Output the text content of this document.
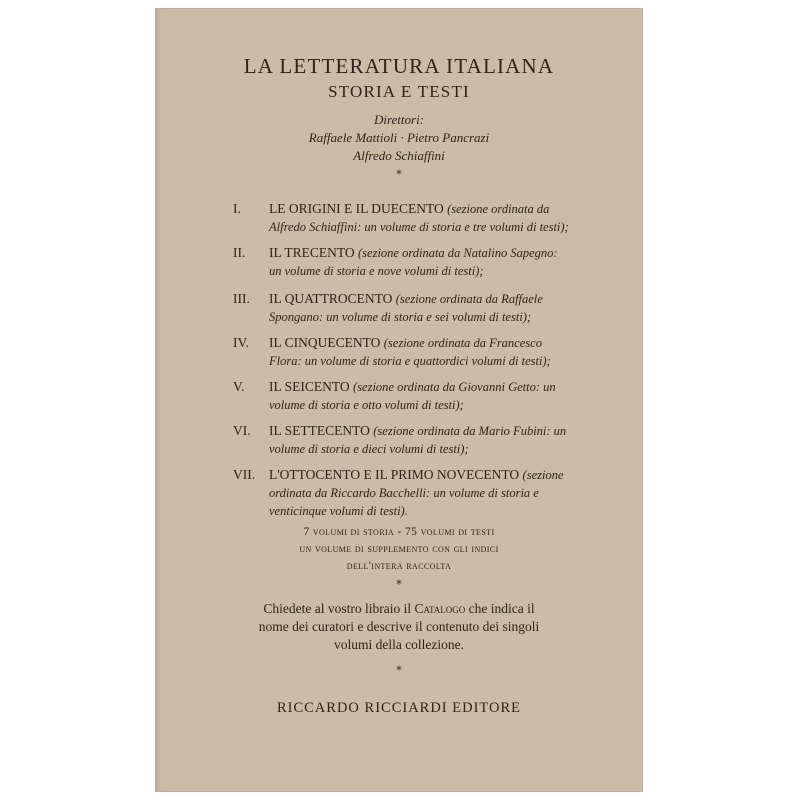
LA LETTERATURA ITALIANA
STORIA E TESTI
Direttori:
Raffaele Mattioli · Pietro Pancrazi
Alfredo Schiaffini
*
I.	LE ORIGINI E IL DUECENTO (sezione ordinata da Alfredo Schiaffini: un volume di storia e tre volumi di testi);
II.	IL TRECENTO (sezione ordinata da Natalino Sapegno: un volume di storia e nove volumi di testi);
III.	IL QUATTROCENTO (sezione ordinata da Raffaele Spongano: un volume di storia e sei volumi di testi);
IV.	IL CINQUECENTO (sezione ordinata da Francesco Flora: un volume di storia e quattordici volumi di testi);
V.	IL SEICENTO (sezione ordinata da Giovanni Getto: un volume di storia e otto volumi di testi);
VI.	IL SETTECENTO (sezione ordinata da Mario Fubini: un volume di storia e dieci volumi di testi);
VII.	L'OTTOCENTO E IL PRIMO NOVECENTO (sezione ordinata da Riccardo Bacchelli: un volume di storia e venticinque volumi di testi).
7 volumi di storia - 75 volumi di testi
un volume di supplemento con gli indici
dell'intera raccolta
*
Chiedete al vostro libraio il Catalogo che indica il nome dei curatori e descrive il contenuto dei singoli volumi della collezione.
*
RICCARDO RICCIARDI EDITORE
